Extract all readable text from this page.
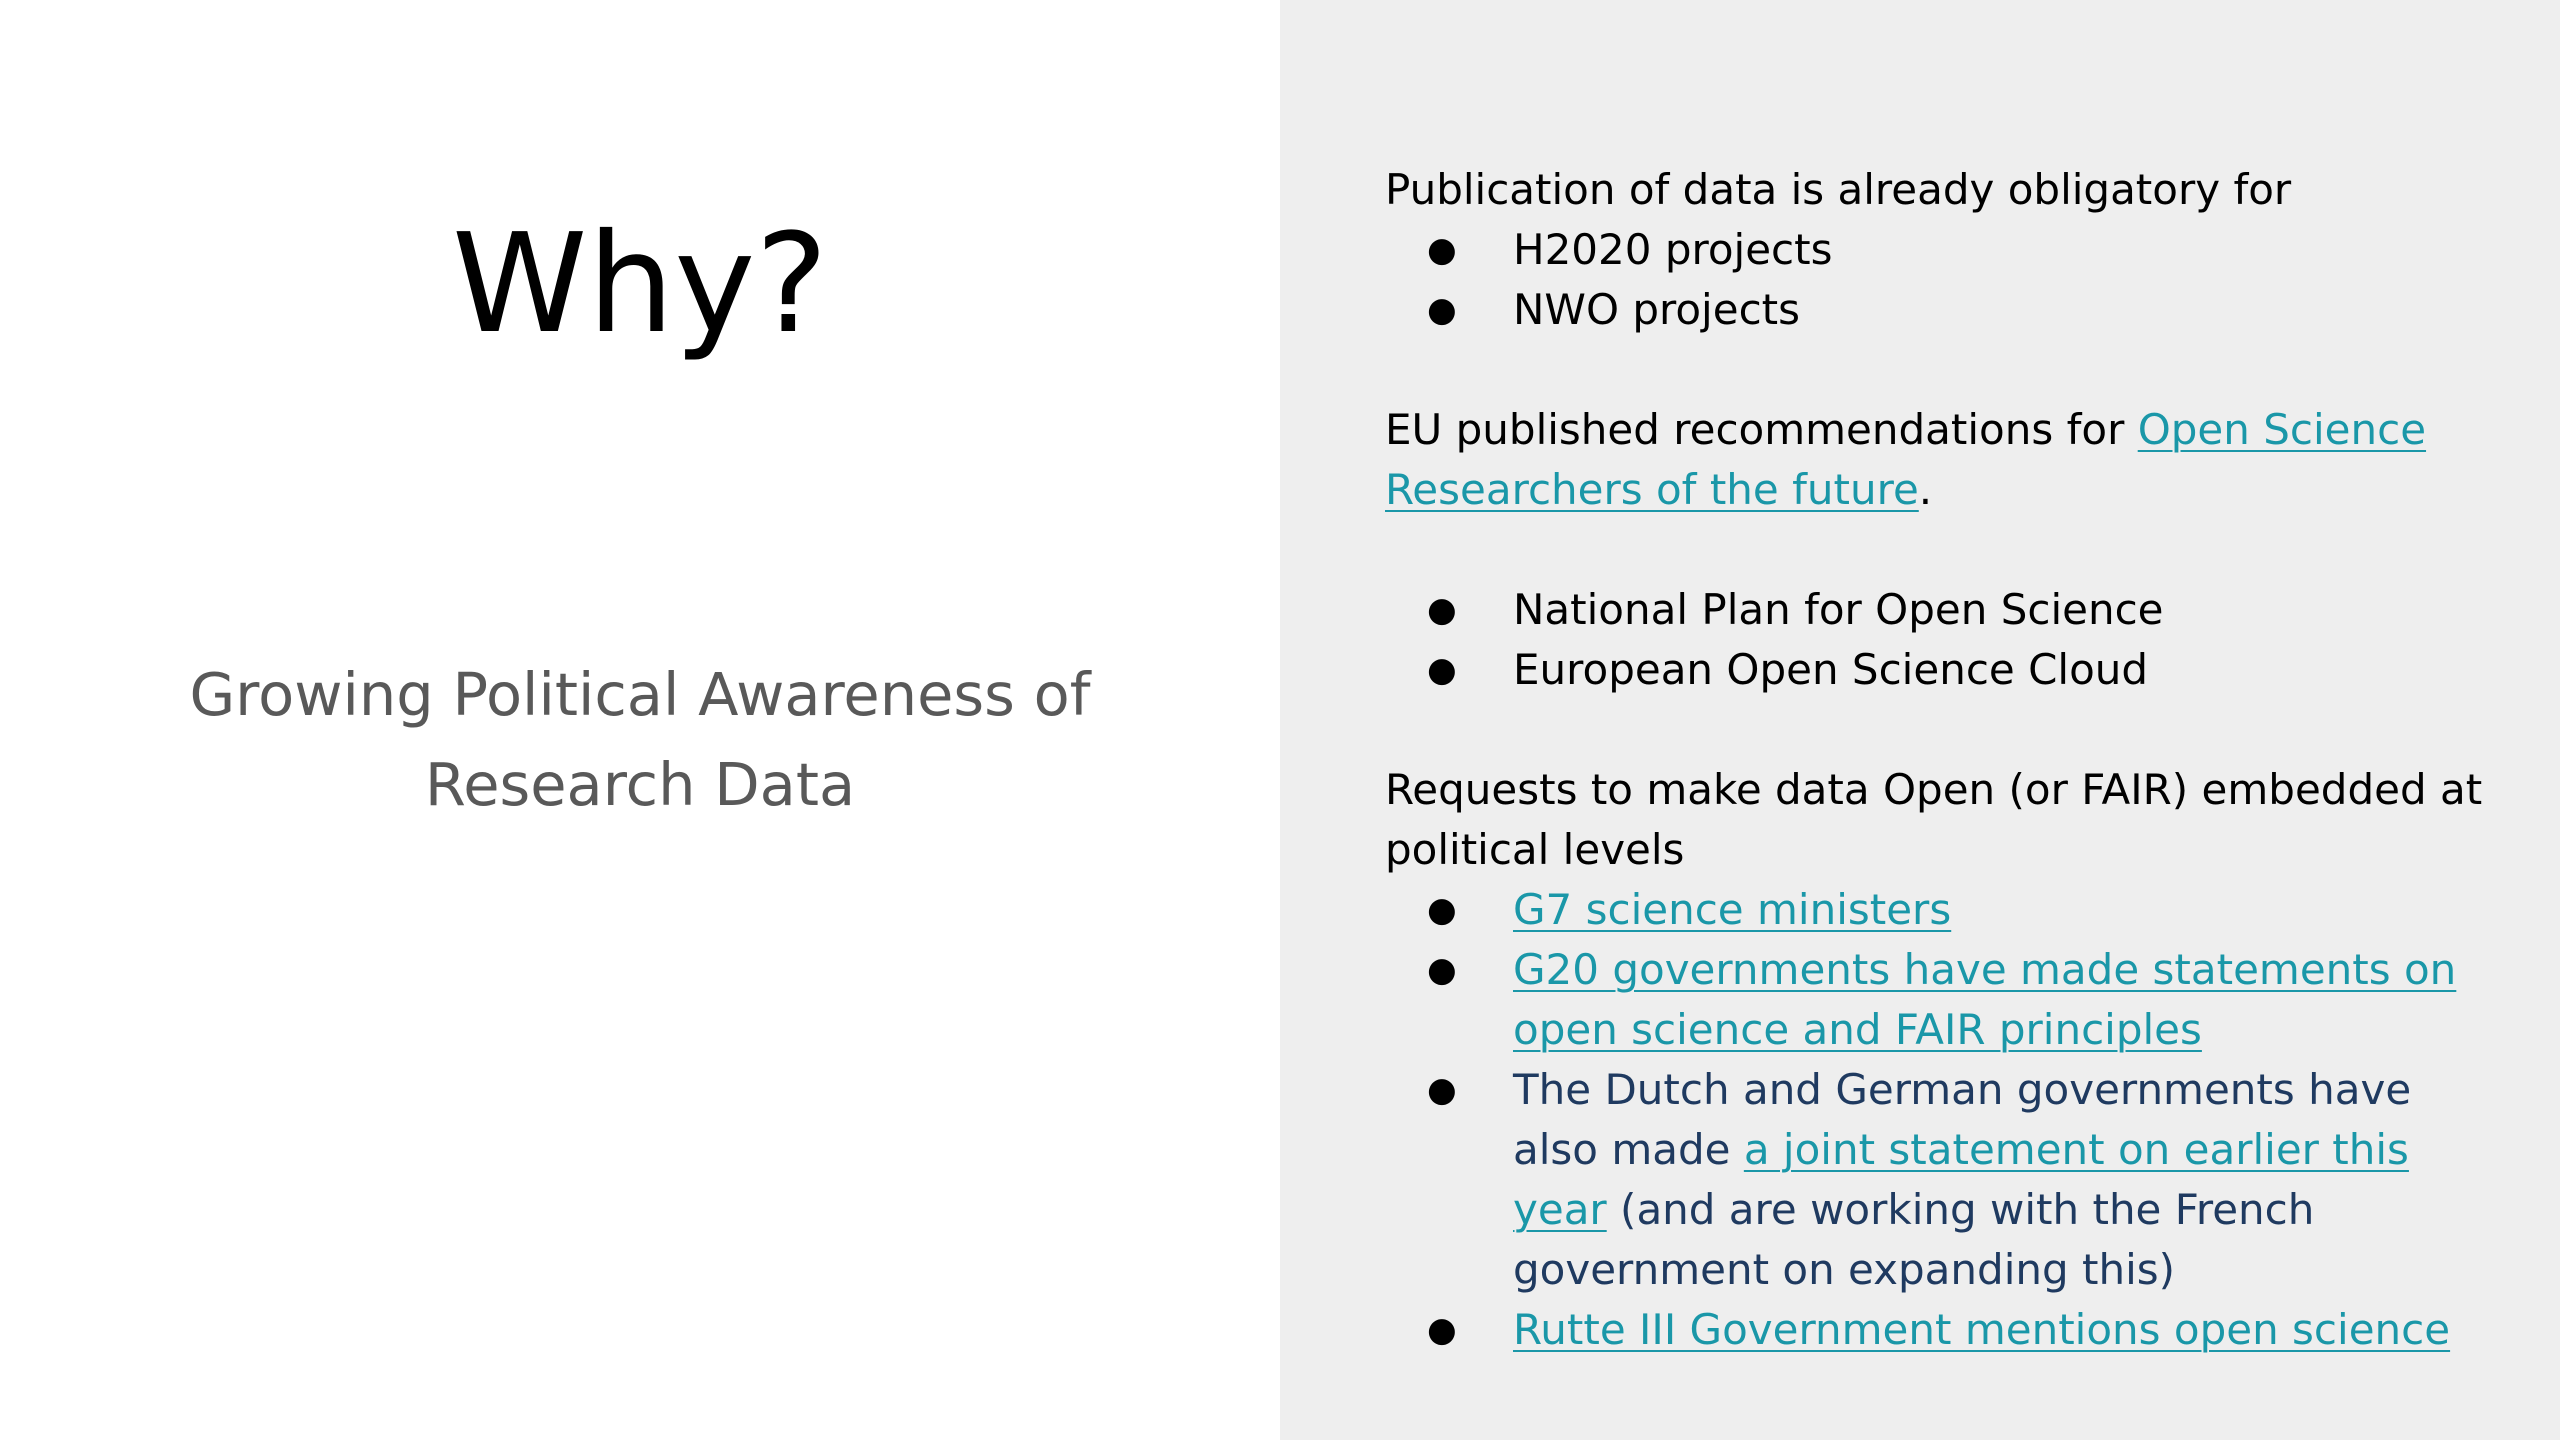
Why?
Growing Political Awareness of Research Data

Publication of data is already obligatory for

● H2020 projects
● NWO projects

EU published recommendations for Open Science Researchers of the future.

● National Plan for Open Science
● European Open Science Cloud

Requests to make data Open (or FAIR) embedded at political levels

● G7 science ministers
● G20 governments have made statements on open science and FAIR principles
● The Dutch and German governments have also made a joint statement on earlier this year (and are working with the French government on expanding this)
● Rutte III Government mentions open science
